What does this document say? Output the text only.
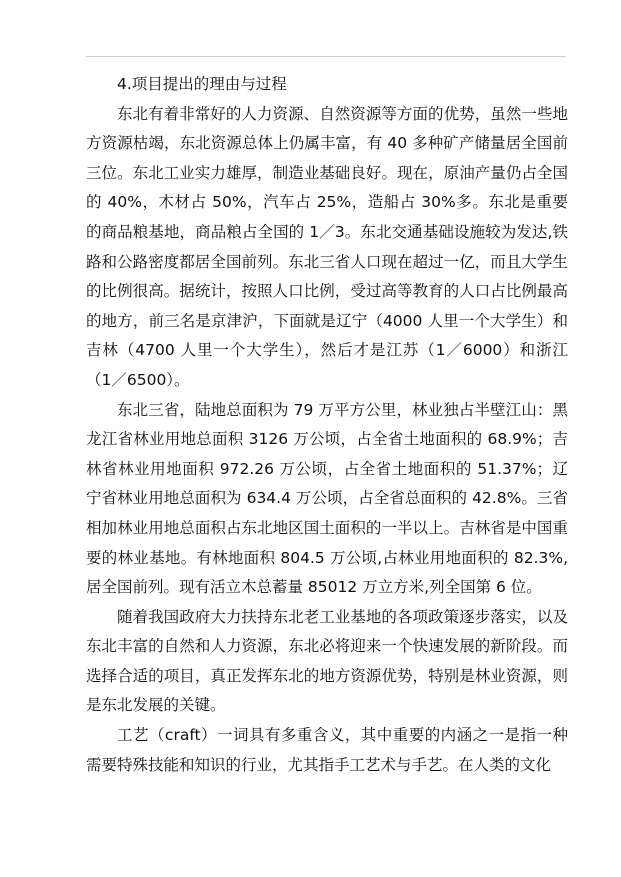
4.项目提出的理由与过程

东北有着非常好的人力资源、自然资源等方面的优势，虽然一些地方资源枯竭，东北资源总体上仍属丰富，有 40 多种矿产储量居全国前三位。东北工业实力雄厚，制造业基础良好。现在，原油产量仍占全国的 40%，木材占 50%，汽车占 25%，造船占 30%多。东北是重要的商品粮基地，商品粮占全国的 1／3。东北交通基础设施较为发达,铁路和公路密度都居全国前列。东北三省人口现在超过一亿，而且大学生的比例很高。据统计，按照人口比例，受过高等教育的人口占比例最高的地方，前三名是京津沪，下面就是辽宁（4000 人里一个大学生）和吉林（4700 人里一个大学生），然后才是江苏（1／6000）和浙江（1／6500）。

东北三省，陆地总面积为 79 万平方公里，林业独占半壁江山：黑龙江省林业用地总面积 3126 万公顷，占全省土地面积的 68.9%；吉林省林业用地面积 972.26 万公顷，占全省土地面积的 51.37%；辽宁省林业用地总面积为 634.4 万公顷，占全省总面积的 42.8%。三省相加林业用地总面积占东北地区国土面积的一半以上。吉林省是中国重要的林业基地。有林地面积 804.5 万公顷,占林业用地面积的 82.3%,居全国前列。现有活立木总蓄量 85012 万立方米,列全国第 6 位。

随着我国政府大力扶持东北老工业基地的各项政策逐步落实，以及东北丰富的自然和人力资源，东北必将迎来一个快速发展的新阶段。而选择合适的项目，真正发挥东北的地方资源优势，特别是林业资源，则是东北发展的关键。

工艺（craft）一词具有多重含义，其中重要的内涵之一是指一种需要特殊技能和知识的行业，尤其指手工艺术与手艺。在人类的文化
